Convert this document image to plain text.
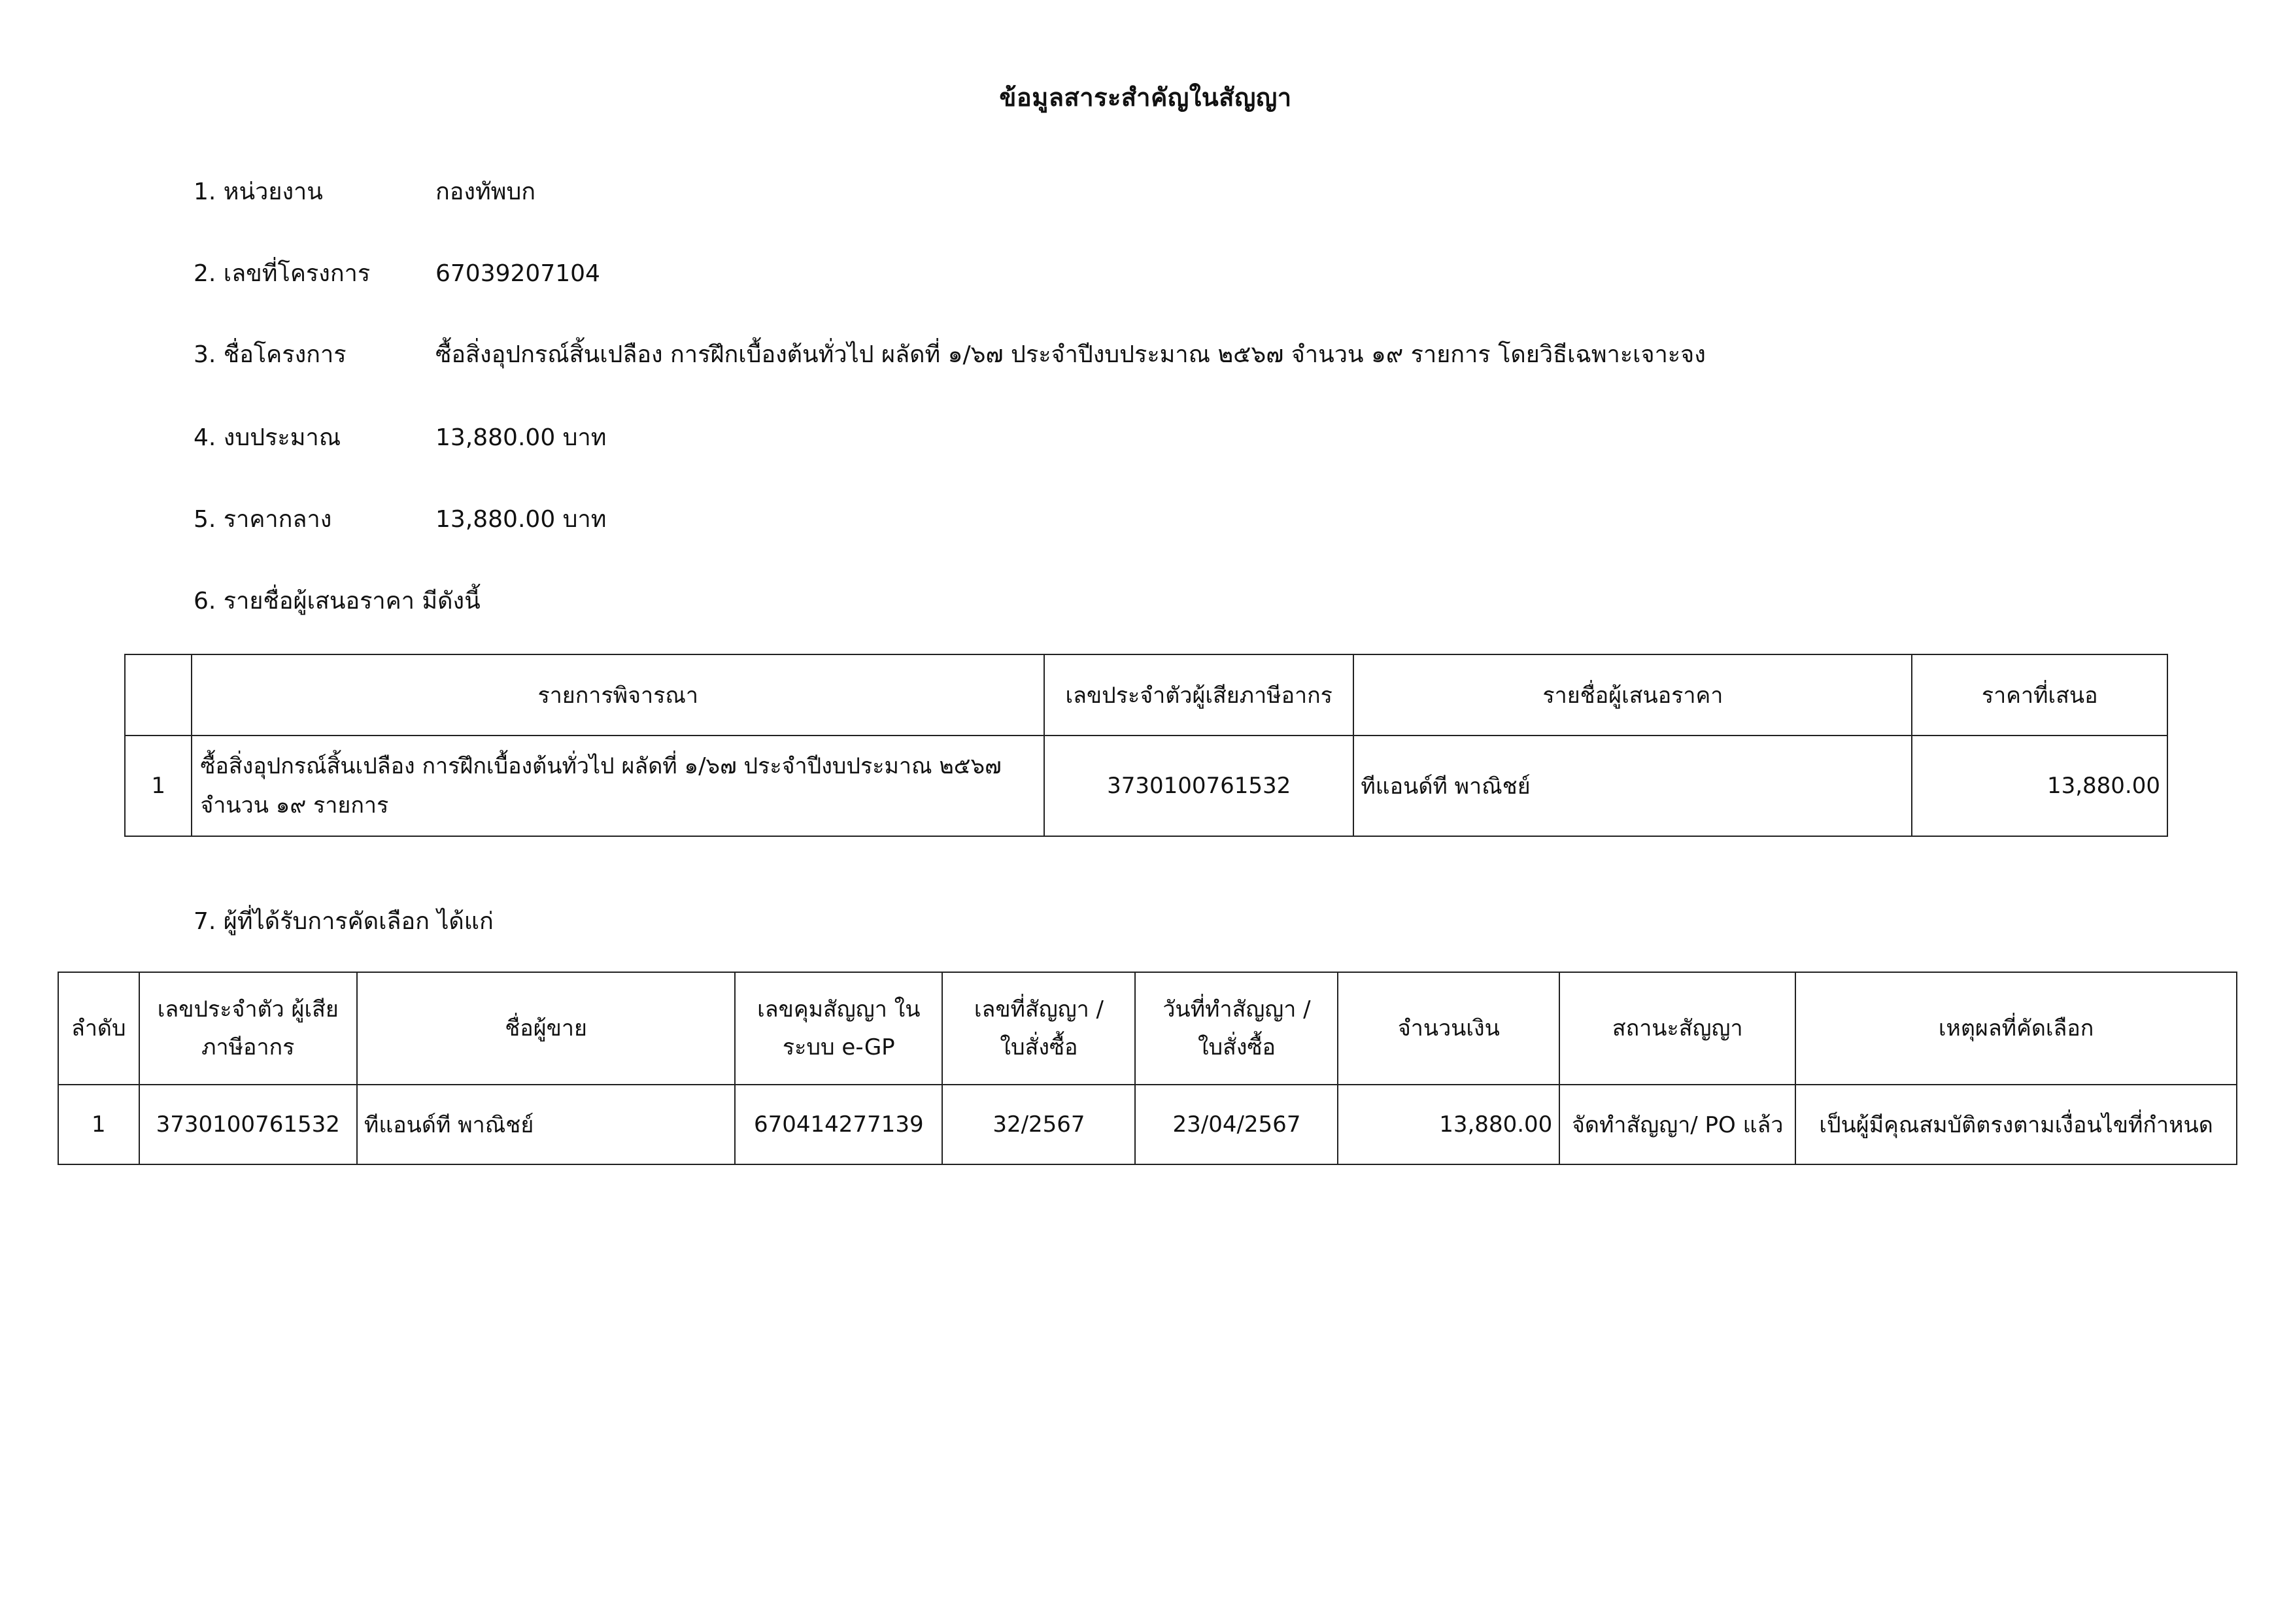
ข้อมูลสาระสำคัญในสัญญา
1. หน่วยงาน	กองทัพบก
2. เลขที่โครงการ	67039207104
3. ชื่อโครงการ	ซื้อสิ่งอุปกรณ์สิ้นเปลือง การฝึกเบื้องต้นทั่วไป ผลัดที่ ๑/๖๗ ประจำปีงบประมาณ ๒๕๖๗ จำนวน ๑๙ รายการ โดยวิธีเฉพาะเจาะจง
4. งบประมาณ	13,880.00 บาท
5. ราคากลาง	13,880.00 บาท
6. รายชื่อผู้เสนอราคา มีดังนี้
	รายการพิจารณา	เลขประจำตัวผู้เสียภาษีอากร	รายชื่อผู้เสนอราคา	ราคาที่เสนอ
1	ซื้อสิ่งอุปกรณ์สิ้นเปลือง การฝึกเบื้องต้นทั่วไป ผลัดที่ ๑/๖๗ ประจำปีงบประมาณ ๒๕๖๗ จำนวน ๑๙ รายการ	3730100761532	ทีแอนด์ที พาณิชย์	13,880.00
7. ผู้ที่ได้รับการคัดเลือก ได้แก่
ลำดับ	เลขประจำตัว ผู้เสียภาษีอากร	ชื่อผู้ขาย	เลขคุมสัญญา ในระบบ e-GP	เลขที่สัญญา / ใบสั่งซื้อ	วันที่ทำสัญญา / ใบสั่งซื้อ	จำนวนเงิน	สถานะสัญญา	เหตุผลที่คัดเลือก
1	3730100761532	ทีแอนด์ที พาณิชย์	670414277139	32/2567	23/04/2567	13,880.00	จัดทำสัญญา/ PO แล้ว	เป็นผู้มีคุณสมบัติตรงตามเงื่อนไขที่กำหนด
